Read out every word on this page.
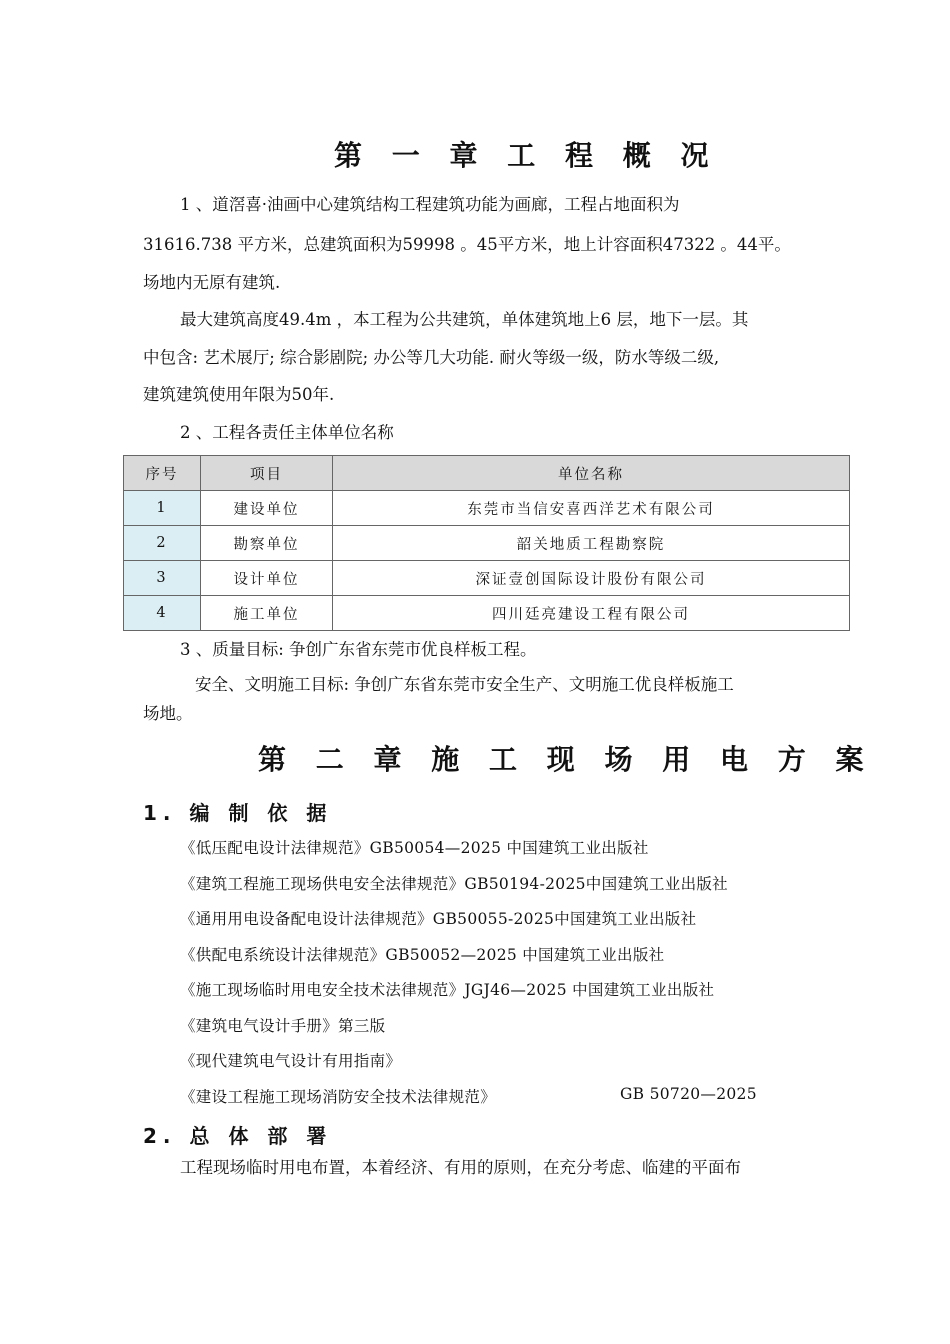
第 一 章 工 程 概 况
1 、道滘喜·油画中心建筑结构工程建筑功能为画廊，工程占地面积为
31616.738 平方米，总建筑面积为59998 。45平方米，地上计容面积47322 。44平。
场地内无原有建筑.
最大建筑高度49.4m ，本工程为公共建筑，单体建筑地上6 层，地下一层。其
中包含: 艺术展厅; 综合影剧院; 办公等几大功能. 耐火等级一级，防水等级二级,
建筑建筑使用年限为50年.
2 、工程各责任主体单位名称
序号	项目	单位名称
1	建设单位	东莞市当信安喜西洋艺术有限公司
2	勘察单位	韶关地质工程勘察院
3	设计单位	深证壹创国际设计股份有限公司
4	施工单位	四川廷亮建设工程有限公司
3 、质量目标: 争创广东省东莞市优良样板工程。
安全、文明施工目标: 争创广东省东莞市安全生产、文明施工优良样板施工
场地。
第 二 章 施 工 现 场 用 电 方 案
1. 编 制 依 据
《低压配电设计法律规范》GB50054—2025 中国建筑工业出版社
《建筑工程施工现场供电安全法律规范》GB50194-2025中国建筑工业出版社
《通用用电设备配电设计法律规范》GB50055-2025中国建筑工业出版社
《供配电系统设计法律规范》GB50052—2025 中国建筑工业出版社
《施工现场临时用电安全技术法律规范》JGJ46—2025 中国建筑工业出版社
《建筑电气设计手册》第三版
《现代建筑电气设计有用指南》
《建设工程施工现场消防安全技术法律规范》	GB 50720—2025
2. 总 体 部 署
工程现场临时用电布置，本着经济、有用的原则，在充分考虑、临建的平面布
